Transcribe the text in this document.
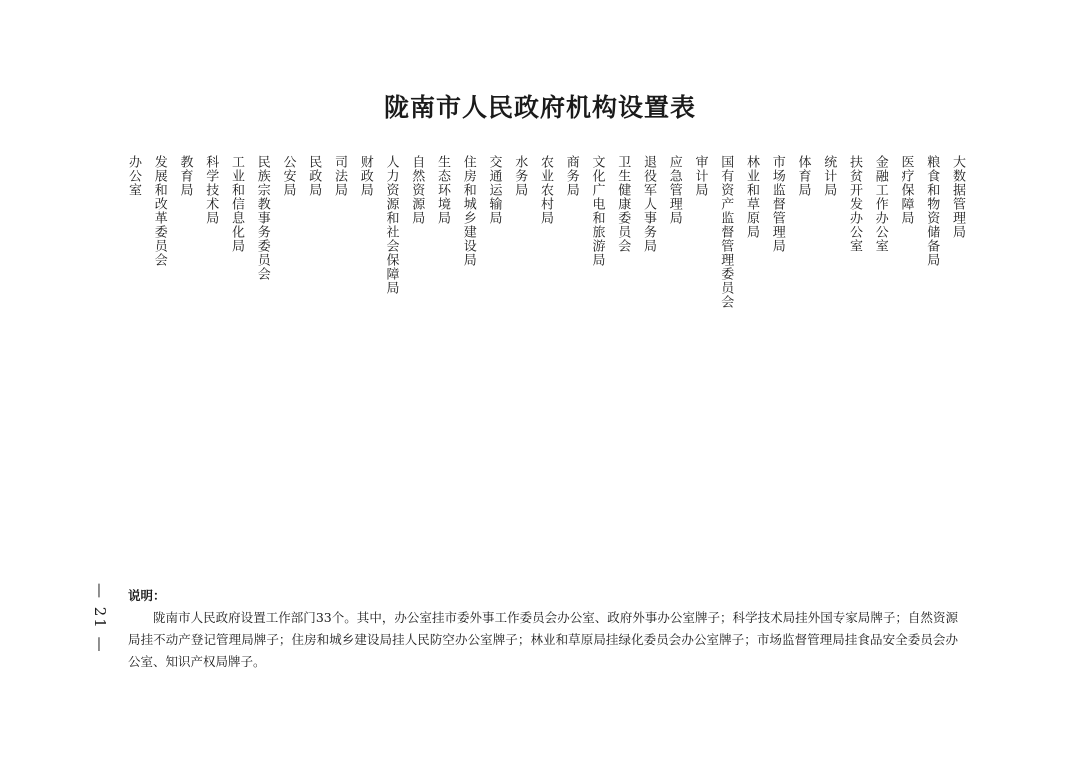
陇南市人民政府机构设置表
大数据管理局
粮食和物资储备局
医疗保障局
金融工作办公室
扶贫开发办公室
统计局
体育局
市场监督管理局
林业和草原局
国有资产监督管理委员会
审计局
应急管理局
退役军人事务局
卫生健康委员会
文化广电和旅游局
商务局
农业农村局
水务局
交通运输局
住房和城乡建设局
生态环境局
自然资源局
人力资源和社会保障局
财政局
司法局
民政局
公安局
民族宗教事务委员会
工业和信息化局
科学技术局
教育局
发展和改革委员会
办公室
— 21 — 说明：
陇南市人民政府设置工作部门33个。其中，办公室挂市委外事工作委员会办公室、政府外事办公室牌子；科学技术局挂外国专家局牌子；自然资源局挂不动产登记管理局牌子；住房和城乡建设局挂人民防空办公室牌子；林业和草原局挂绿化委员会办公室牌子；市场监督管理局挂食品安全委员会办公室、知识产权局牌子。
